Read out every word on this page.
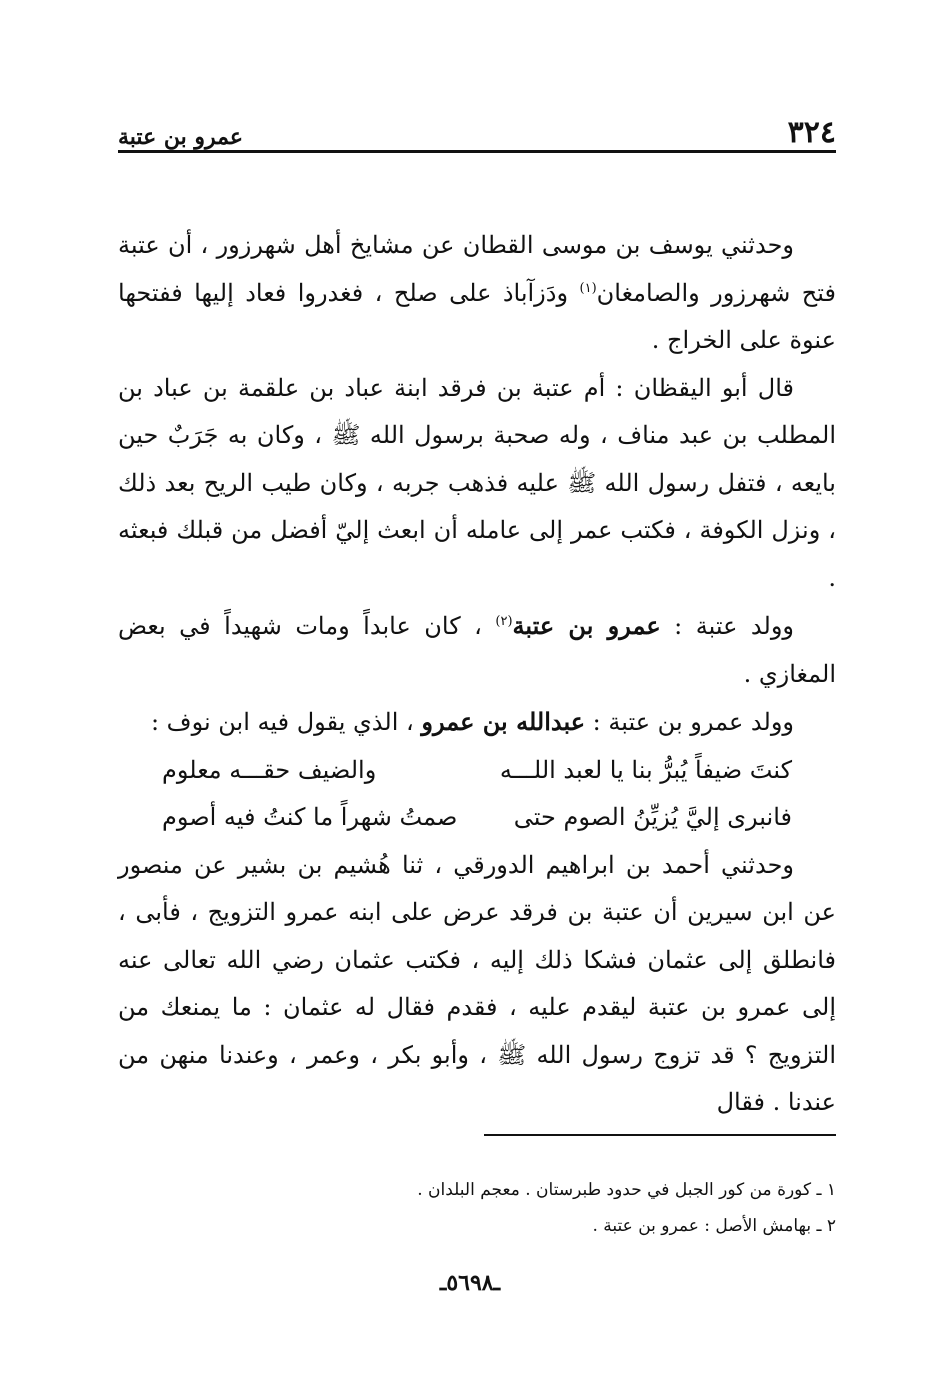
٣٢٤
عمرو بن عتبة

وحدثني يوسف بن موسى القطان عن مشايخ أهل شهرزور ، أن عتبة فتح شهرزور والصامغان$^{(١)}$ ودَزآباذ على صلح ، فغدروا فعاد إليها ففتحها عنوة على الخراج .

قال أبو اليقظان : أم عتبة بن فرقد ابنة عباد بن علقمة بن عباد بن المطلب بن عبد مناف ، وله صحبة برسول الله ﷺ ، وكان به جَرَبٌ حين بايعه ، فتفل رسول الله ﷺ عليه فذهب جربه ، وكان طيب الريح بعد ذلك ، ونزل الكوفة ، فكتب عمر إلى عامله أن ابعث إليّ أفضل من قبلك فبعثه .

وولد عتبة : عمرو بن عتبة$^{(٢)}$ ، كان عابداً ومات شهيداً في بعض المغازي .

وولد عمرو بن عتبة : عبدالله بن عمرو ، الذي يقول فيه ابن نوف :

كنتَ ضيفاً يُبرُّ بنا يا لعبد اللـــه
والضيف حقـــه معلوم
فانبرى إليَّ يُزيِّنُ الصوم حتى
صمتُ شهراً ما كنتُ فيه أصوم

وحدثني أحمد بن ابراهيم الدورقي ، ثنا هُشيم بن بشير عن منصور عن ابن سيرين أن عتبة بن فرقد عرض على ابنه عمرو التزويج ، فأبى ، فانطلق إلى عثمان فشكا ذلك إليه ، فكتب عثمان رضي الله تعالى عنه إلى عمرو بن عتبة ليقدم عليه ، فقدم فقال له عثمان : ما يمنعك من التزويج ؟ قد تزوج رسول الله ﷺ ، وأبو بكر ، وعمر ، وعندنا منهن من عندنا . فقال

١ ـ كورة من كور الجبل في حدود طبرستان . معجم البلدان .

٢ ـ بهامش الأصل : عمرو بن عتبة .

ـ٥٦٩٨ـ
